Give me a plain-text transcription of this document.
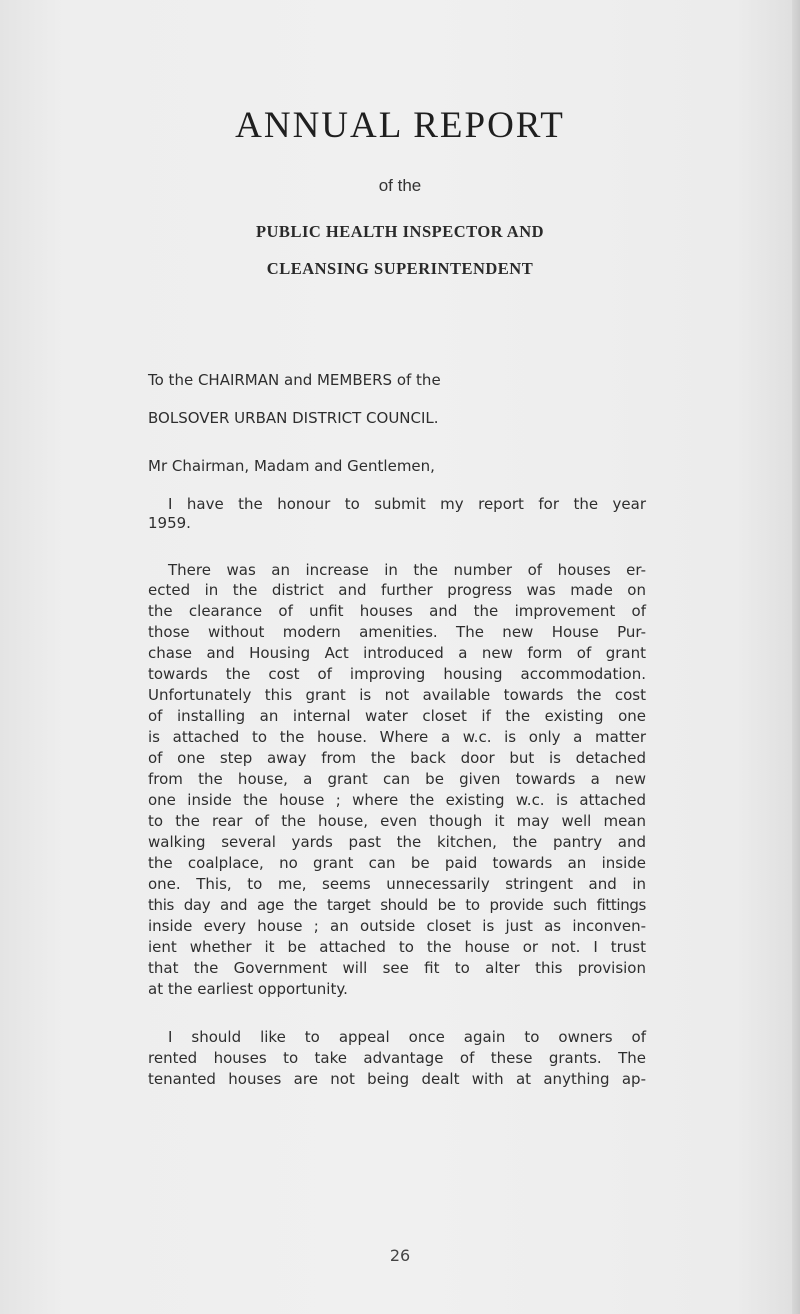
ANNUAL REPORT
of the
PUBLIC HEALTH INSPECTOR AND
CLEANSING SUPERINTENDENT
To the CHAIRMAN and MEMBERS of the
BOLSOVER URBAN DISTRICT COUNCIL.
Mr Chairman, Madam and Gentlemen,
I have the honour to submit my report for the year
1959.
There was an increase in the number of houses er-
ected in the district and further progress was made on
the clearance of unfit houses and the improvement of
those without modern amenities. The new House Pur-
chase and Housing Act introduced a new form of grant
towards the cost of improving housing accommodation.
Unfortunately this grant is not available towards the cost
of installing an internal water closet if the existing one
is attached to the house. Where a w.c. is only a matter
of one step away from the back door but is detached
from the house, a grant can be given towards a new
one inside the house ; where the existing w.c. is attached
to the rear of the house, even though it may well mean
walking several yards past the kitchen, the pantry and
the coalplace, no grant can be paid towards an inside
one. This, to me, seems unnecessarily stringent and in
this day and age the target should be to provide such fittings
inside every house ; an outside closet is just as inconven-
ient whether it be attached to the house or not. I trust
that the Government will see fit to alter this provision
at the earliest opportunity.
I should like to appeal once again to owners of
rented houses to take advantage of these grants. The
tenanted houses are not being dealt with at anything ap-
26
